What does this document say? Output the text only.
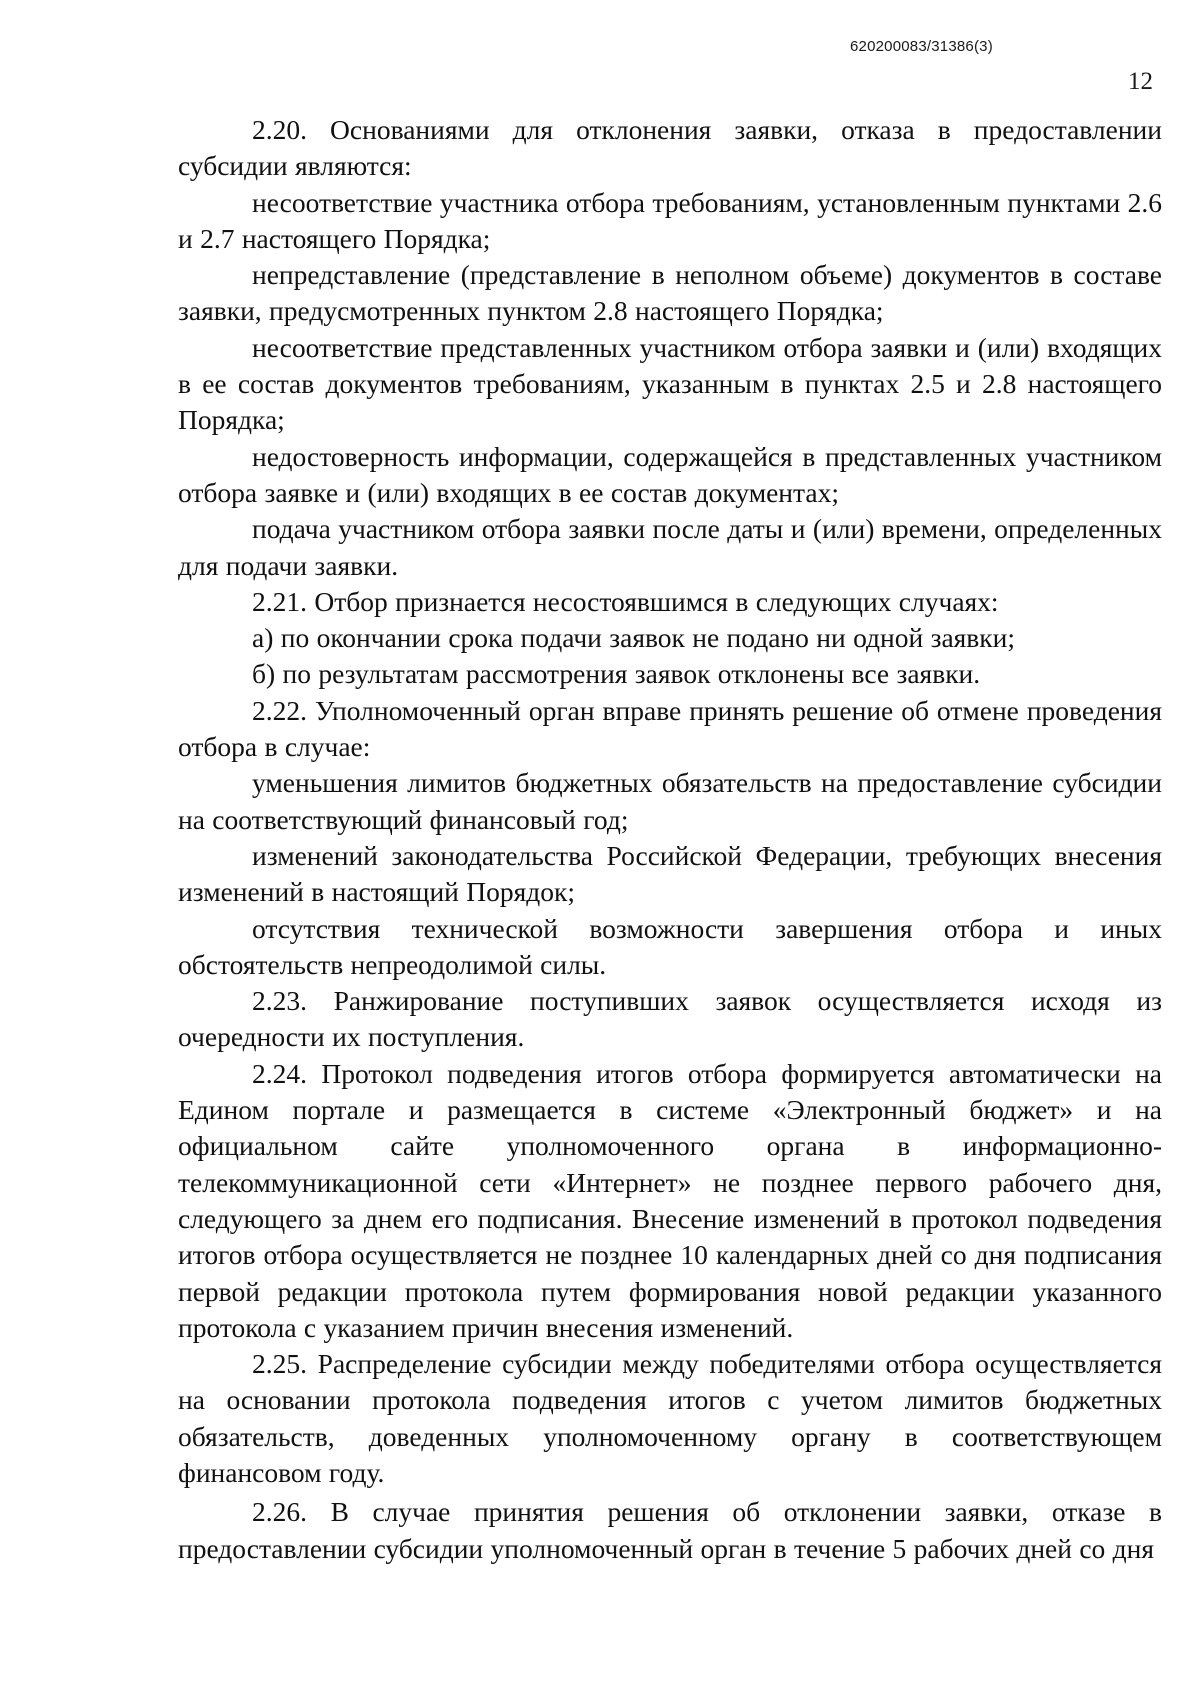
620200083/31386(3)
12

2.20. Основаниями для отклонения заявки, отказа в предоставлении субсидии являются:

несоответствие участника отбора требованиям, установленным пунктами 2.6 и 2.7 настоящего Порядка;

непредставление (представление в неполном объеме) документов в составе заявки, предусмотренных пунктом 2.8 настоящего Порядка;

несоответствие представленных участником отбора заявки и (или) входящих в ее состав документов требованиям, указанным в пунктах 2.5 и 2.8 настоящего Порядка;

недостоверность информации, содержащейся в представленных участником отбора заявке и (или) входящих в ее состав документах;

подача участником отбора заявки после даты и (или) времени, определенных для подачи заявки.

2.21. Отбор признается несостоявшимся в следующих случаях:

а) по окончании срока подачи заявок не подано ни одной заявки;

б) по результатам рассмотрения заявок отклонены все заявки.

2.22. Уполномоченный орган вправе принять решение об отмене проведения отбора в случае:

уменьшения лимитов бюджетных обязательств на предоставление субсидии на соответствующий финансовый год;

изменений законодательства Российской Федерации, требующих внесения изменений в настоящий Порядок;

отсутствия технической возможности завершения отбора и иных обстоятельств непреодолимой силы.

2.23. Ранжирование поступивших заявок осуществляется исходя из очередности их поступления.

2.24. Протокол подведения итогов отбора формируется автоматически на Едином портале и размещается в системе «Электронный бюджет» и на официальном сайте уполномоченного органа в информационно-телекоммуникационной сети «Интернет» не позднее первого рабочего дня, следующего за днем его подписания. Внесение изменений в протокол подведения итогов отбора осуществляется не позднее 10 календарных дней со дня подписания первой редакции протокола путем формирования новой редакции указанного протокола с указанием причин внесения изменений.

2.25. Распределение субсидии между победителями отбора осуществляется на основании протокола подведения итогов с учетом лимитов бюджетных обязательств, доведенных уполномоченному органу в соответствующем финансовом году.

2.26. В случае принятия решения об отклонении заявки, отказе в предоставлении субсидии уполномоченный орган в течение 5 рабочих дней со дня
